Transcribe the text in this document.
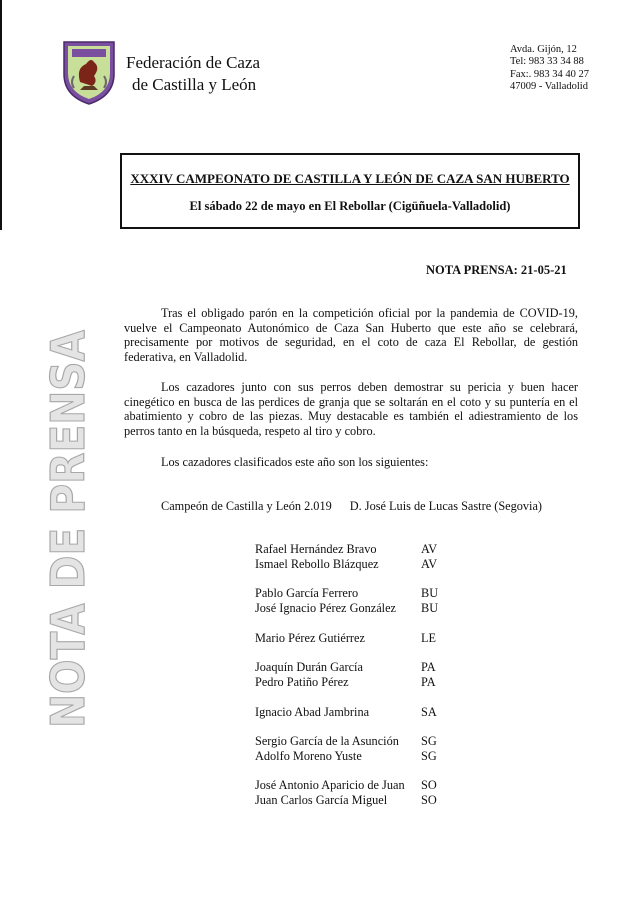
Federación de Caza
de Castilla y León
Avda. Gijón, 12
Tel: 983 33 34 88
Fax:. 983 34 40 27
47009 - Valladolid
XXXIV CAMPEONATO DE CASTILLA Y LEÓN DE CAZA SAN HUBERTO
El sábado 22 de mayo en El Rebollar (Cigüñuela-Valladolid)
NOTA PRENSA: 21-05-21
NOTA DE PRENSA	Tras el obligado parón en la competición oficial por la pandemia de COVID-19, vuelve el Campeonato Autonómico de Caza San Huberto que este año se celebrará, precisamente por motivos de seguridad, en el coto de caza El Rebollar, de gestión federativa, en Valladolid.
Los cazadores junto con sus perros deben demostrar su pericia y buen hacer cinegético en busca de las perdices de granja que se soltarán en el coto y su puntería en el abatimiento y cobro de las piezas. Muy destacable es también el adiestramiento de los perros tanto en la búsqueda, respeto al tiro y cobro.
Los cazadores clasificados este año son los siguientes:
Campeón de Castilla y León 2.019 D. José Luis de Lucas Sastre (Segovia)
Rafael Hernández Bravo	AV
Ismael Rebollo Blázquez	AV
Pablo García Ferrero	BU
José Ignacio Pérez González BU
Mario Pérez Gutiérrez	LE
Joaquín Durán García	PA
Pedro Patiño Pérez	PA
Ignacio Abad Jambrina	SA
Sergio García de la Asunción SG
Adolfo Moreno Yuste	SG
José Antonio Aparicio de Juan SO
Juan Carlos García Miguel	SO
